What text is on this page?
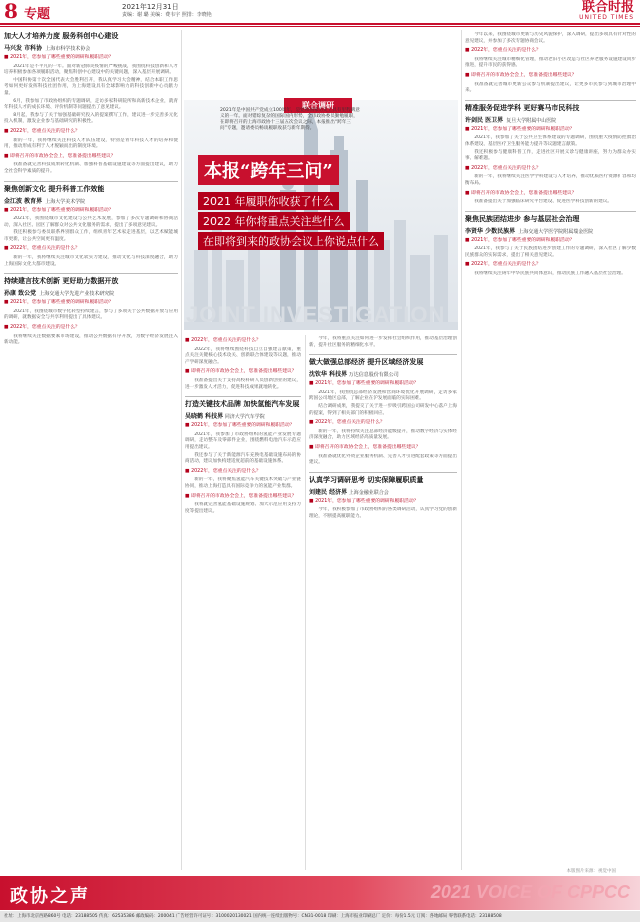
8 专题	2021年12月31日
责编：谢 璐 美编：费韦宇 照排：李晓艳	联合时报
UNITED TIMES
加大人才培养力度 服务科创中心建设
马兴发 市科协 上海市科学技术协会
■ 2021年，您参加了哪些重要的调研和履职活动？

2021年是不平凡的一年。面对新冠肺炎疫情的严峻挑战，我围绕科技创新和人才培养积极参加各项履职活动，聚焦科创中心建设中的关键问题，深入基层开展调研。

中国科协第十次全国代表大会胜利召开，我认真学习大会精神，结合本职工作思考如何更好发挥科技社团作用，为上海建设具有全球影响力的科技创新中心贡献力量。

6月，我参加了市政协组织的专题调研，走访多家科研院所和高新技术企业，就青年科技人才的成长环境、评价机制等问题提出了意见建议。

8月起，我参与了关于加强基础研究投入的提案撰写工作，建议进一步完善多元化投入机制，激发企业参与基础研究的积极性。

■ 2022年，您重点关注的是什么？

新的一年，我将继续关注科技人才队伍建设，特别是青年科技人才的培养和使用，推动形成有利于人才脱颖而出的制度环境。

■ 即将召开的市政协全会上，您准备提出哪些建议？

我准备就完善科技成果转化机制、加强科普基础设施建设等方面提出建议，助力全社会科学素质的提升。

聚焦创新文化 提升科普工作效能
金江波 教育界 上海大学美术学院
■ 2021年，您参加了哪些重要的调研和履职活动？

2021年，我围绕城市文化建设与公共艺术发展，参加了多次专题调研和协商活动，深入社区、园区了解群众对公共文化服务的需求，提出了多项意见建议。

我还积极参与委员联系界别群众工作，组织青年艺术家走进基层，以艺术赋能城市更新，让公共空间更有温度。

■ 2022年，您重点关注的是什么？

新的一年，我将继续关注城市文化软实力建设，推动文化与科技深度融合，助力上海国际文化大都市建设。

持续建言技术创新 更好助力数据开放
孙康 致公党 上海交通大学先进产业技术研究院
■ 2021年，您参加了哪些重要的调研和履职活动？

2021年，我围绕城市数字化转型持续建言，参与了多项关于公共数据开放与应用的调研，就数据安全与共享利用提出了具体建议。

■ 2022年，您重点关注的是什么？

我将继续关注数据要素市场建设，推动公共数据有序开放，为数字经济发展注入新动能。

联合调研
2021年是中国共产党成立100周年，是党和国家历史上具有里程碑意义的一年。面对错综复杂的国际国内形势，全市政协委员勤勉履职，在即将召开的上海市政协十三届五次会议之际，本报推出“跨年三问”专题，邀请委员畅谈履职收获与新年期待。
本报“跨年三问”
2021 年履职你收获了什么
2022 年你将重点关注些什么
在即将到来的政协会议上你说点什么
JOINT INVESTIGATION
■ 2022年，您重点关注的是什么？

2022年，我将继续围绕科技自立自强建言献策，重点关注关键核心技术攻关、创新联合体建设等议题，推动产学研深度融合。

■ 即将召开的市政协全会上，您准备提出哪些建议？

我准备提出关于支持高校科研人员创新创业的建议，进一步激发人才活力，促进科技成果就地转化。

打造关键技术品牌 加快氢能汽车发展
吴晓鹤 科技界 同济大学汽车学院
■ 2021年，您参加了哪些重要的调研和履职活动？

2021年，我参加了市政协组织的氢能产业发展专题调研，走访整车及零部件企业，围绕燃料电池汽车示范应用提出建议。

我还参与了关于新能源汽车充换电基础设施布局的协商活动，建议加快构建适度超前的基础设施体系。

■ 2022年，您重点关注的是什么？

新的一年，我将聚焦氢能汽车关键技术突破与产业链协同，推动上海打造具有国际竞争力的氢能产业集群。

■ 即将召开的市政协全会上，您准备提出哪些建议？

我将就完善氢能基础设施规划、加大示范应用支持力度等提出建议。

今年，我将重点关注如何进一步发挥社会组织作用，推动基层治理创新，提升社区服务的精细化水平。

做大做强总部经济 提升区域经济发展
沈钦华 科技界 万达信息股份有限公司
■ 2021年，您参加了哪些重要的调研和履职活动？

2021年，我围绕总部经济发展和营商环境优化开展调研，走访多家跨国公司地区总部，了解企业在沪发展面临的实际困难。

结合调研成果，我提交了关于进一步吸引跨国公司研发中心落户上海的提案，得到了相关部门的积极回应。

■ 2022年，您重点关注的是什么？

新的一年，我将持续关注总部经济能级提升，推动数字经济与实体经济深度融合，助力区域经济高质量发展。

■ 即将召开的市政协全会上，您准备提出哪些建议？

我准备就优化外资企业服务机制、完善人才引进配套政策等方面提出建议。

认真学习调研思考 切实保障履职质量
刘建民 经济界 上海金融业联合会
■ 2021年，您参加了哪些重要的调研和履职活动？

今年，我积极参加了市政协组织的各类调研活动，认真学习党的创新理论，不断提高履职能力。

今年以来，我围绕城市更新与历史风貌保护，深入调研，提出多项具有针对性的意见建议，并参加了多次专题协商会议。

■ 2022年，您重点关注的是什么？

我将继续关注城市精细化管理，推动老旧小区改造与社区养老服务设施建设同步推进，提升市民的获得感。

■ 即将召开的市政协全会上，您准备提出哪些建议？

我准备就完善城市更新公众参与机制提出建议，让更多市民参与到城市治理中来。

精准服务促进学科 更好赛马市民科技
许剑民 医卫界 复旦大学附属中山医院
■ 2021年，您参加了哪些重要的调研和履职活动？

2021年，我参加了关于公共卫生体系建设的专题调研，围绕重大疫情防控救治体系建设、基层医疗卫生服务能力提升等议题建言献策。

我还积极参与健康科普工作，走进社区开展义诊与健康讲座，努力为群众办实事、解难题。

■ 2022年，您重点关注的是什么？

新的一年，我将继续关注医学学科建设与人才培养，推动优质医疗资源扩容和均衡布局。

■ 即将召开的市政协全会上，您准备提出哪些建议？

我准备提出关于加强临床研究平台建设、促进医学科技创新的建议。

聚焦民族团结进步 参与基层社会治理
李贤华 少数民族界 上海交通大学医学院附属瑞金医院
■ 2021年，您参加了哪些重要的调研和履职活动？

2021年，我参与了关于民族团结进步创建工作的专题调研，深入社区了解少数民族群众的实际需求，提出了相关意见建议。

■ 2022年，您重点关注的是什么？

我将继续关注铸牢中华民族共同体意识，推动民族工作融入基层社会治理。

本版图片来源：视觉中国
政协之声	2021 VOICE OF CPPCC
社址：上海市北京西路860号 电话：23188505 传真：62535386 邮政编码：200041 广告经营许可证号：3100020130021 国内统一连续出版物号：CN31-0018 印刷：上海市报业印刷总厂 定价：每份1.5元 订阅：各地邮局 零售联系电话：23188508
